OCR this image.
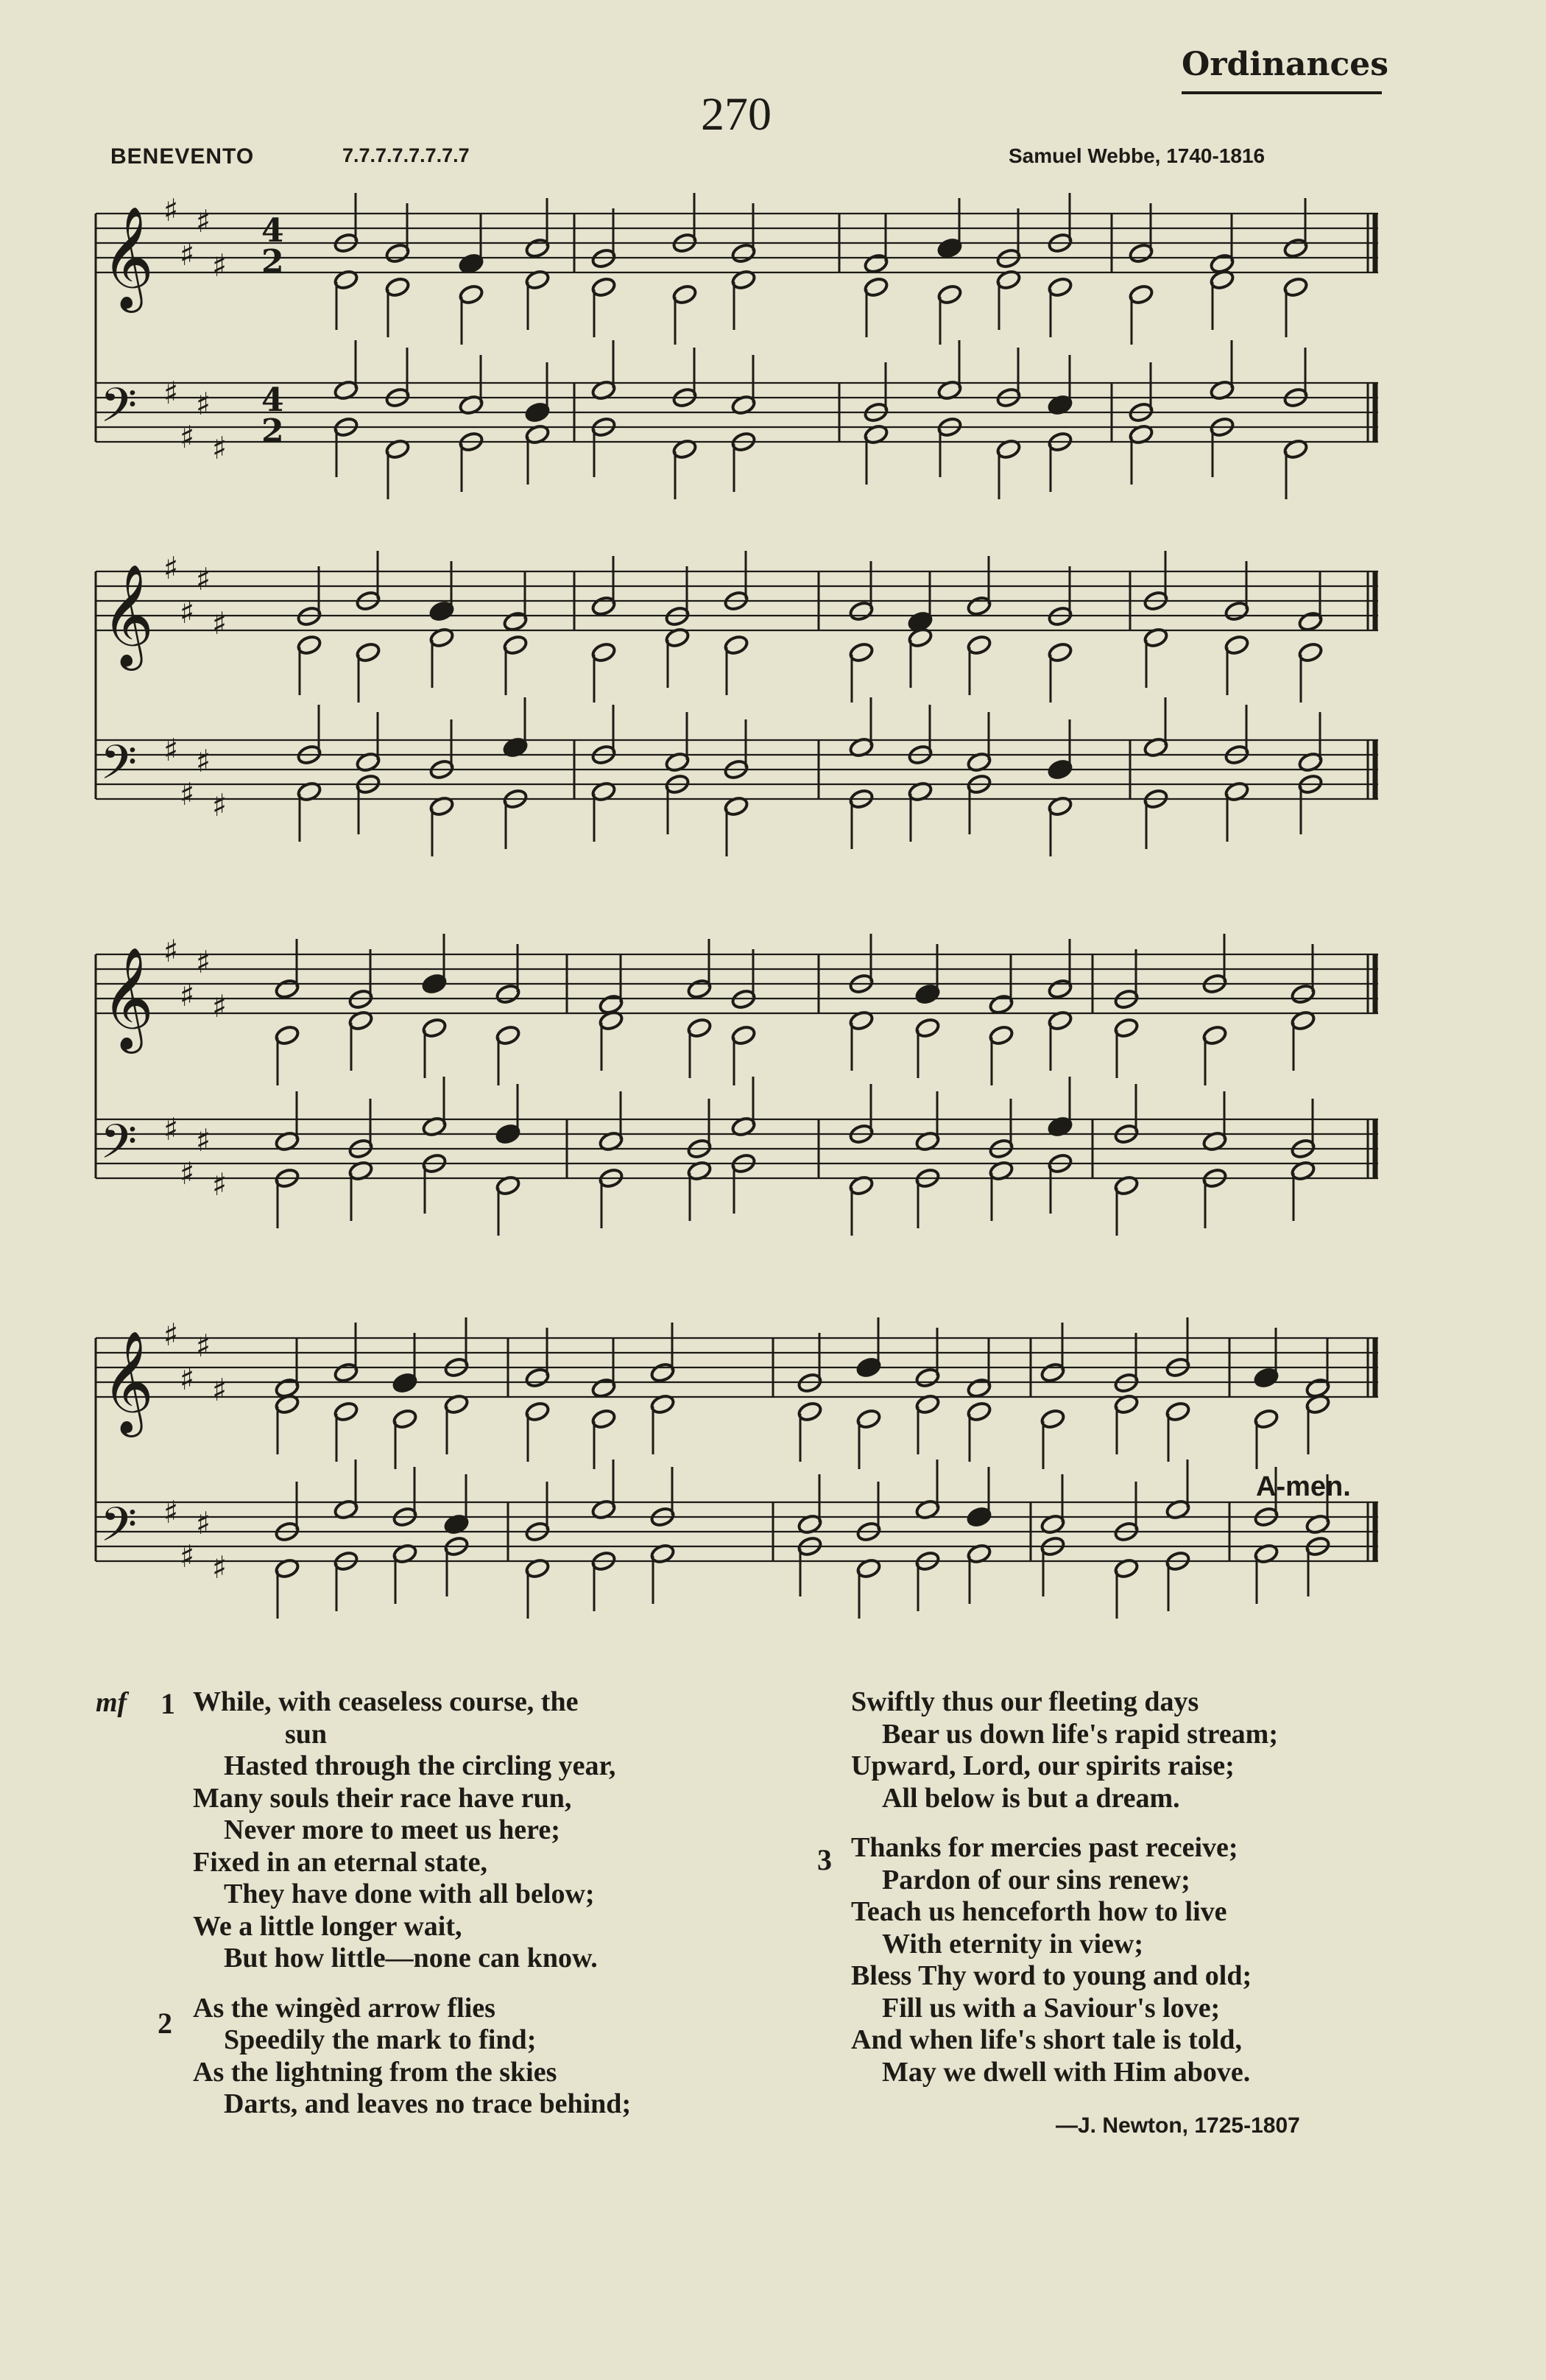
Ordinances
270
BENEVENTO	7.7.7.7.7.7.7.7	Samuel Webbe, 1740-1816
𝄞
𝄢
♯
♯
♯
♯
♯
♯
♯
♯
4
2
4
2
𝄞
𝄢
♯
♯
♯
♯
♯
♯
♯
♯
𝄞
𝄢
♯
♯
♯
♯
♯
♯
♯
♯
𝄞
𝄢
♯
♯
♯
♯
♯
♯
♯
♯
A-men.
mf 1
2
3
While, with ceaseless course, the
sun
Hasted through the circling year,
Many souls their race have run,
Never more to meet us here;
Fixed in an eternal state,
They have done with all below;
We a little longer wait,
But how little—none can know.
As the wingèd arrow flies
Speedily the mark to find;
As the lightning from the skies
Darts, and leaves no trace behind;
Swiftly thus our fleeting days
Bear us down life's rapid stream;
Upward, Lord, our spirits raise;
All below is but a dream.
Thanks for mercies past receive;
Pardon of our sins renew;
Teach us henceforth how to live
With eternity in view;
Bless Thy word to young and old;
Fill us with a Saviour's love;
And when life's short tale is told,
May we dwell with Him above.
—J. Newton, 1725-1807
